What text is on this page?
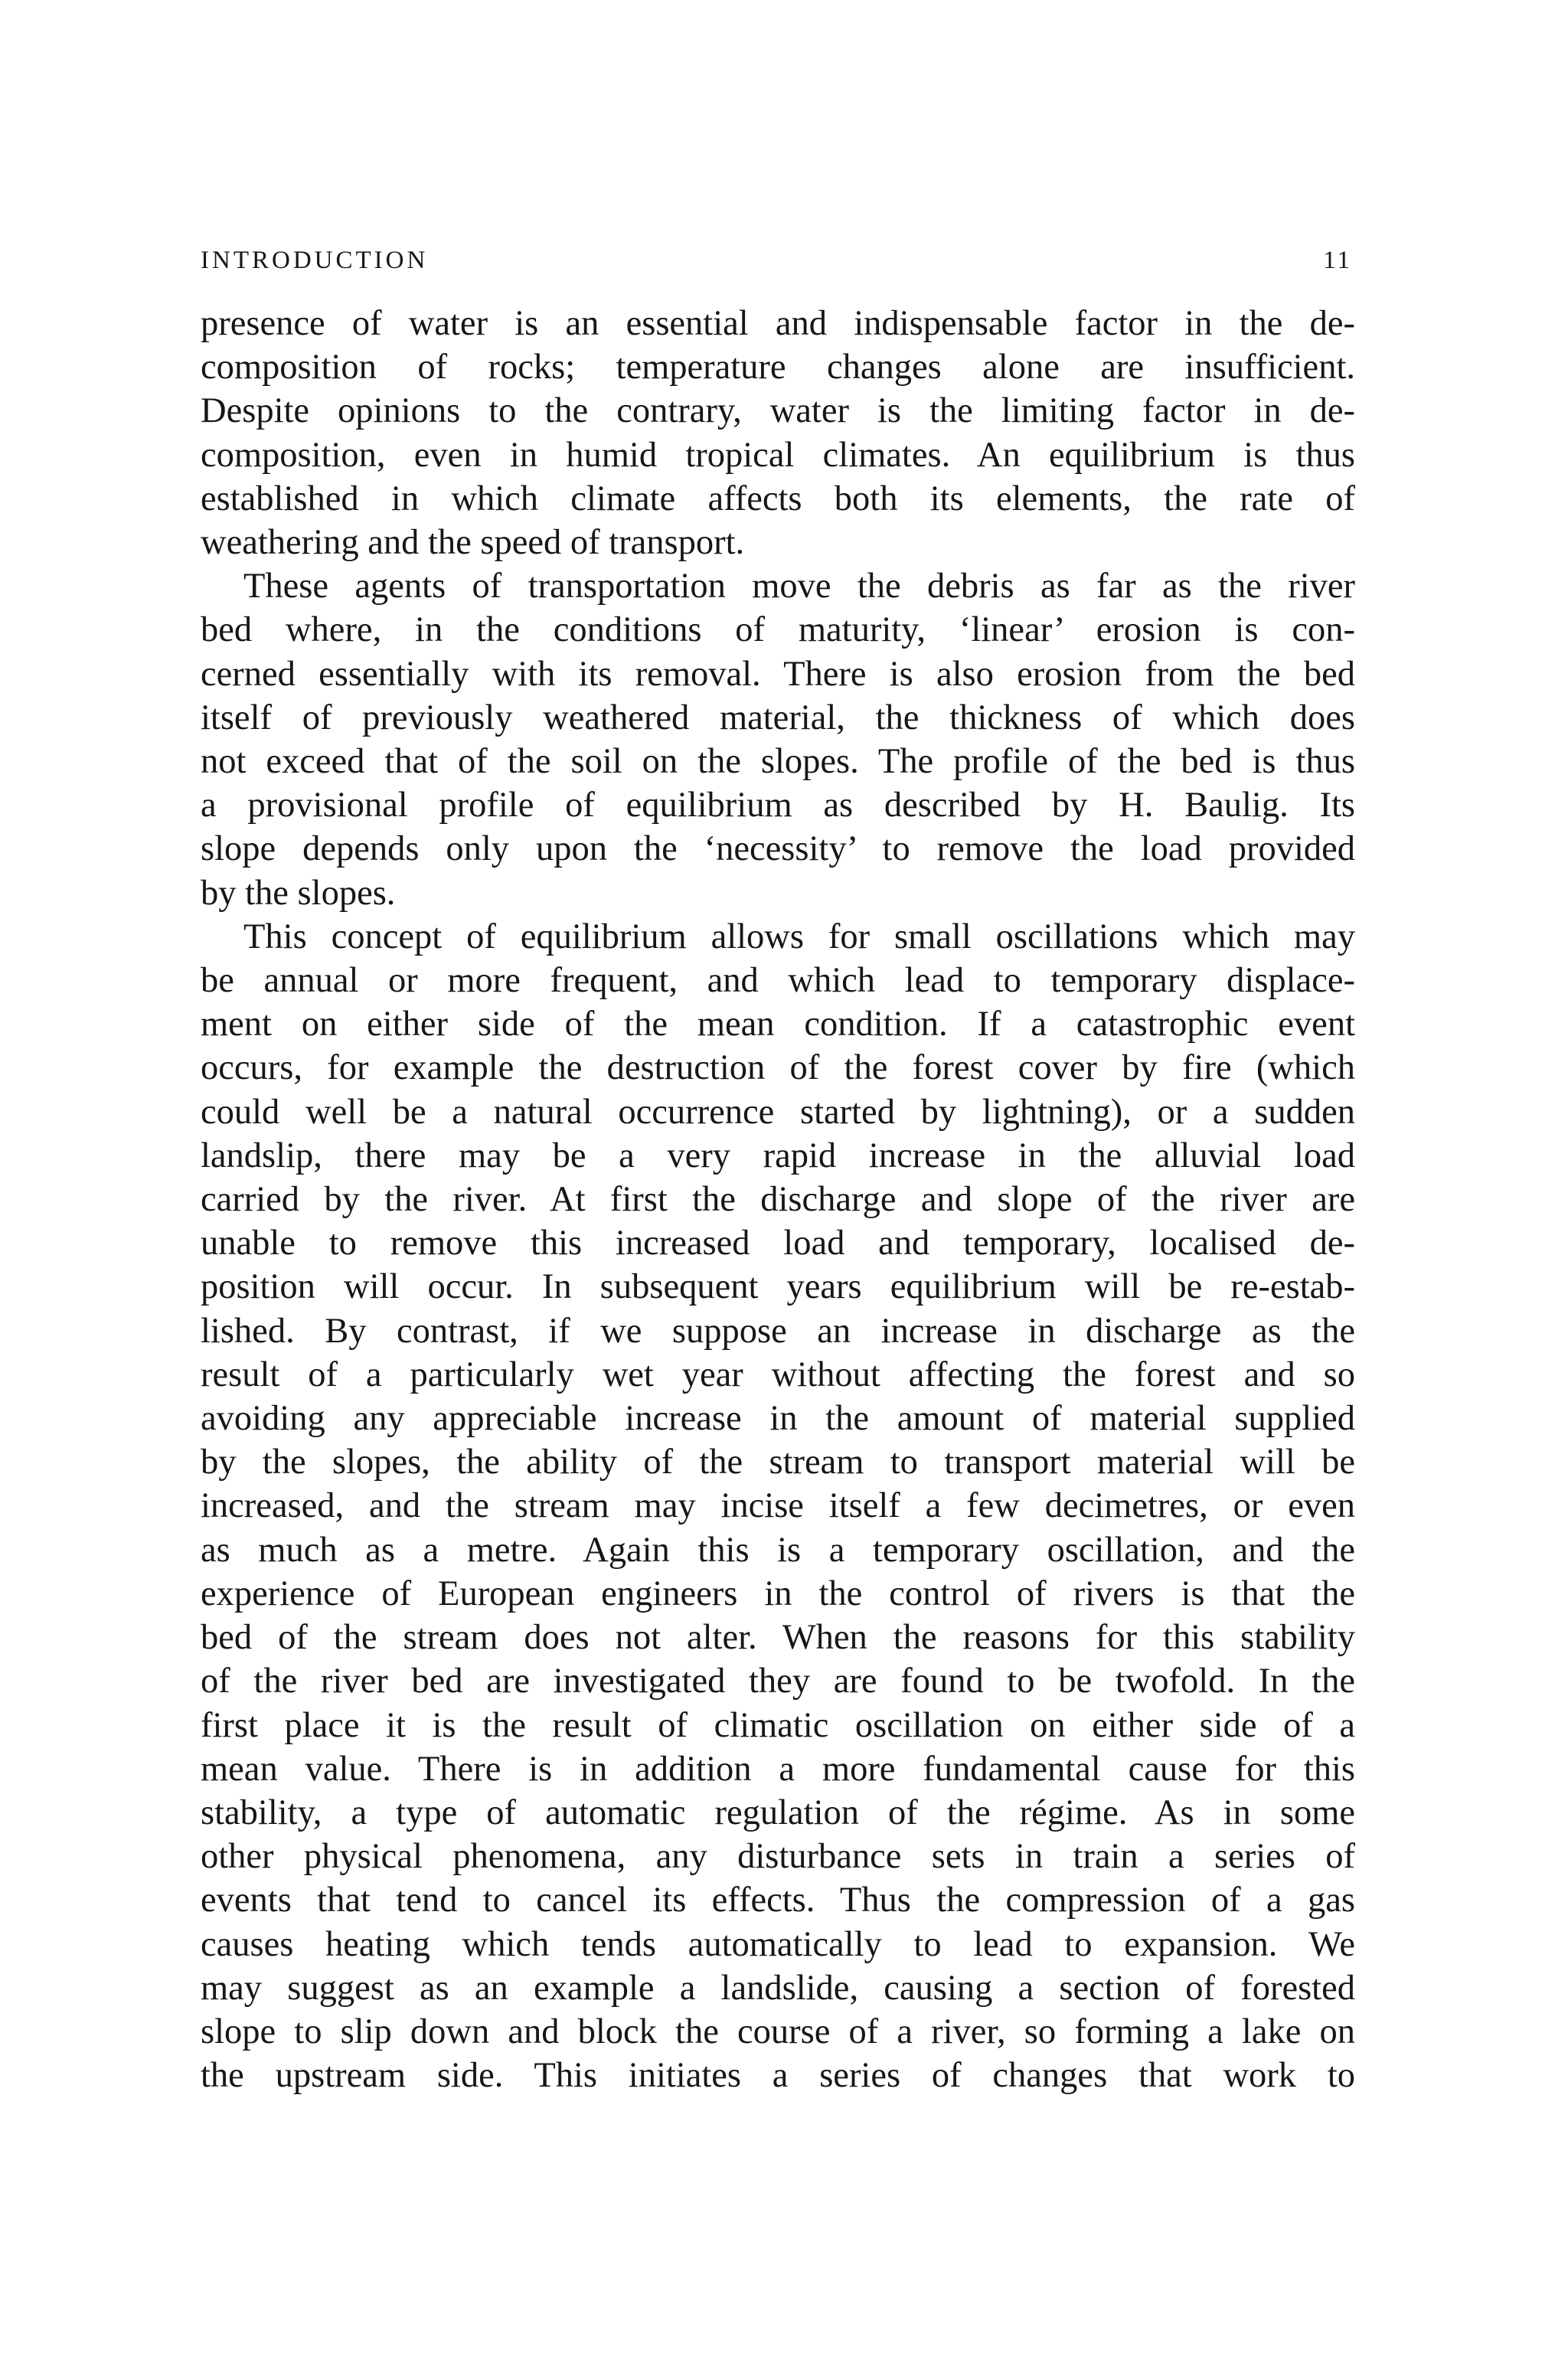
INTRODUCTION	11

presence of water is an essential and indispensable factor in the de-

composition of rocks; temperature changes alone are insufficient.

Despite opinions to the contrary, water is the limiting factor in de-

composition, even in humid tropical climates. An equilibrium is thus

established in which climate affects both its elements, the rate of

weathering and the speed of transport.

These agents of transportation move the debris as far as the river

bed where, in the conditions of maturity, ‘linear’ erosion is con-

cerned essentially with its removal. There is also erosion from the bed

itself of previously weathered material, the thickness of which does

not exceed that of the soil on the slopes. The profile of the bed is thus

a provisional profile of equilibrium as described by H. Baulig. Its

slope depends only upon the ‘necessity’ to remove the load provided

by the slopes.

This concept of equilibrium allows for small oscillations which may

be annual or more frequent, and which lead to temporary displace-

ment on either side of the mean condition. If a catastrophic event

occurs, for example the destruction of the forest cover by fire (which

could well be a natural occurrence started by lightning), or a sudden

landslip, there may be a very rapid increase in the alluvial load

carried by the river. At first the discharge and slope of the river are

unable to remove this increased load and temporary, localised de-

position will occur. In subsequent years equilibrium will be re-estab-

lished. By contrast, if we suppose an increase in discharge as the

result of a particularly wet year without affecting the forest and so

avoiding any appreciable increase in the amount of material supplied

by the slopes, the ability of the stream to transport material will be

increased, and the stream may incise itself a few decimetres, or even

as much as a metre. Again this is a temporary oscillation, and the

experience of European engineers in the control of rivers is that the

bed of the stream does not alter. When the reasons for this stability

of the river bed are investigated they are found to be twofold. In the

first place it is the result of climatic oscillation on either side of a

mean value. There is in addition a more fundamental cause for this

stability, a type of automatic regulation of the régime. As in some

other physical phenomena, any disturbance sets in train a series of

events that tend to cancel its effects. Thus the compression of a gas

causes heating which tends automatically to lead to expansion. We

may suggest as an example a landslide, causing a section of forested

slope to slip down and block the course of a river, so forming a lake on

the upstream side. This initiates a series of changes that work to
